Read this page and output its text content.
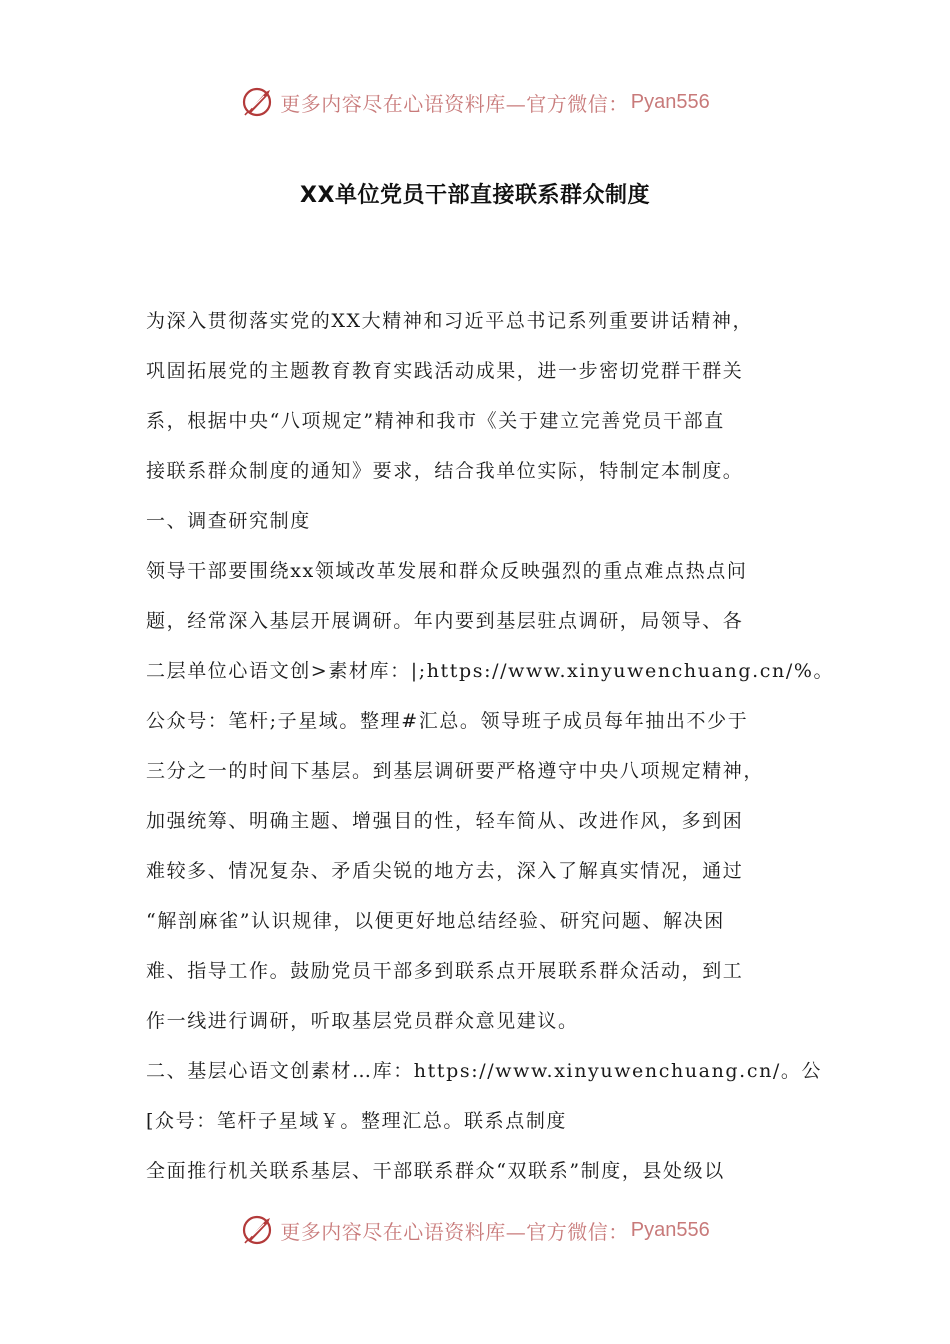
更多内容尽在心语资料库—官方微信： Pyan556
XX单位党员干部直接联系群众制度
为深入贯彻落实党的XX大精神和习近平总书记系列重要讲话精神，
巩固拓展党的主题教育教育实践活动成果，进一步密切党群干群关
系，根据中央“八项规定”精神和我市《关于建立完善党员干部直
接联系群众制度的通知》要求，结合我单位实际，特制定本制度。
一、调查研究制度
领导干部要围绕xx领域改革发展和群众反映强烈的重点难点热点问
题，经常深入基层开展调研。年内要到基层驻点调研，局领导、各
二层单位心语文创>素材库：|;https://www.xinyuwenchuang.cn/%。
公众号：笔杆;子星域。整理#汇总。领导班子成员每年抽出不少于
三分之一的时间下基层。到基层调研要严格遵守中央八项规定精神，
加强统筹、明确主题、增强目的性，轻车简从、改进作风，多到困
难较多、情况复杂、矛盾尖锐的地方去，深入了解真实情况，通过
“解剖麻雀”认识规律，以便更好地总结经验、研究问题、解决困
难、指导工作。鼓励党员干部多到联系点开展联系群众活动，到工
作一线进行调研，听取基层党员群众意见建议。
二、基层心语文创素材…库：https://www.xinyuwenchuang.cn/。公
[众号：笔杆子星域￥。整理汇总。联系点制度
全面推行机关联系基层、干部联系群众“双联系”制度，县处级以
更多内容尽在心语资料库—官方微信： Pyan556
